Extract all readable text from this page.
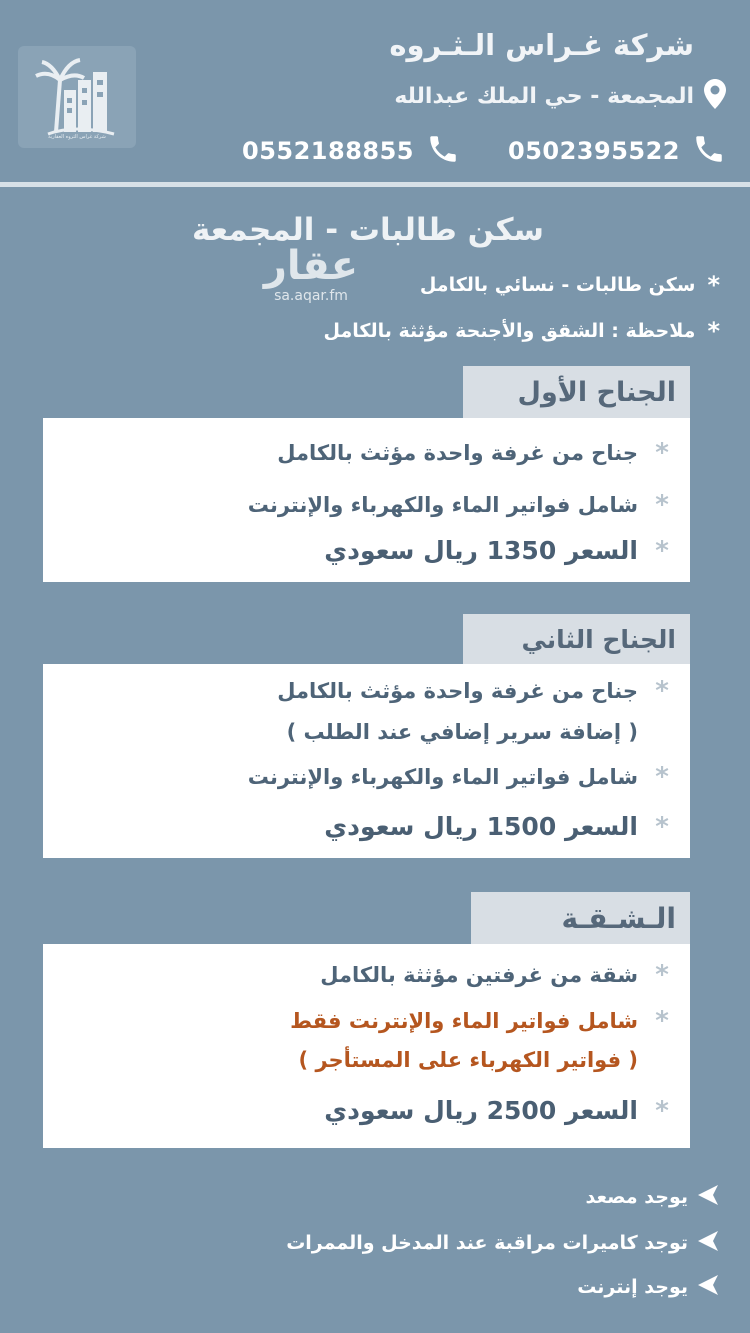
شركة غراس الثروه العقارية
شركة غـراس الـثـروه
المجمعة - حي الملك عبدالله
0502395522
0552188855
سكن طالبات - المجمعة
عقار
sa.aqar.fm	*
سكن طالبات - نسائي بالكامل
*
ملاحظة : الشقق والأجنحة مؤثثة بالكامل
الجناح الأول
*
جناح من غرفة واحدة مؤثث بالكامل
*
شامل فواتير الماء والكهرباء والإنترنت
*
السعر 1350 ريال سعودي
الجناح الثاني
*
جناح من غرفة واحدة مؤثث بالكامل
( إضافة سرير إضافي عند الطلب )
*
شامل فواتير الماء والكهرباء والإنترنت
*
السعر 1500 ريال سعودي
الـشـقـة
*
شقة من غرفتين مؤثثة بالكامل
*
شامل فواتير الماء والإنترنت فقط
( فواتير الكهرباء على المستأجر )
*
السعر 2500 ريال سعودي
يوجد مصعد
توجد كاميرات مراقبة عند المدخل والممرات
يوجد إنترنت
